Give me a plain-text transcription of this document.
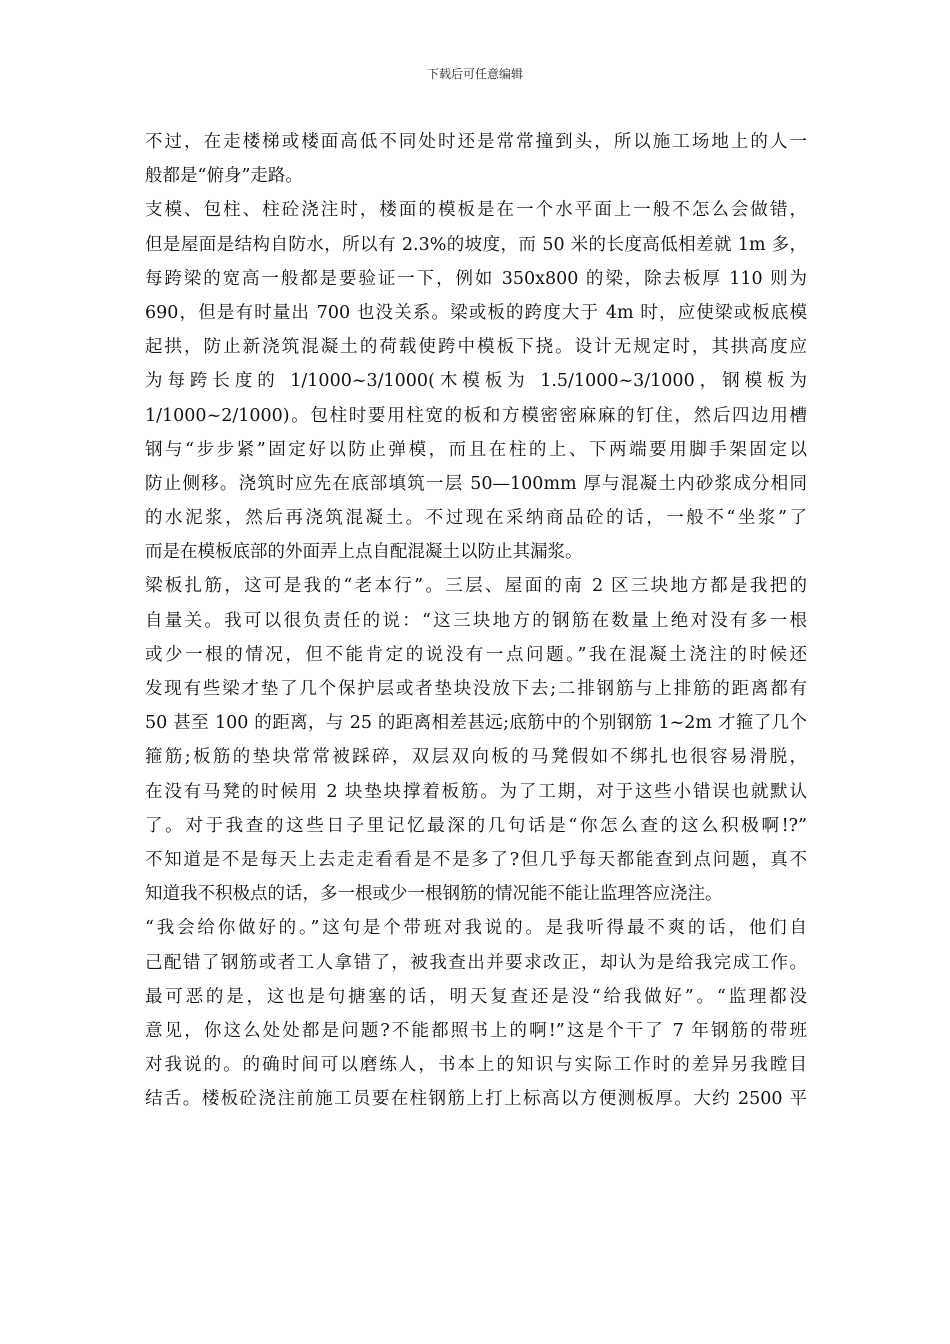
下载后可任意编辑
不过，在走楼梯或楼面高低不同处时还是常常撞到头，所以施工场地上的人一
般都是“俯身”走路。
支模、包柱、柱砼浇注时，楼面的模板是在一个水平面上一般不怎么会做错，
但是屋面是结构自防水，所以有 2.3%的坡度，而 50 米的长度高低相差就 1m 多，
每跨梁的宽高一般都是要验证一下，例如 350x800 的梁，除去板厚 110 则为
690，但是有时量出 700 也没关系。梁或板的跨度大于 4m 时，应使梁或板底模
起拱，防止新浇筑混凝土的荷载使跨中模板下挠。设计无规定时，其拱高度应
为每跨长度的 1/1000~3/1000(木模板为 1.5/1000~3/1000，钢模板为
1/1000~2/1000)。包柱时要用柱宽的板和方模密密麻麻的钉住，然后四边用槽
钢与“步步紧”固定好以防止弹模，而且在柱的上、下两端要用脚手架固定以
防止侧移。浇筑时应先在底部填筑一层 50—100mm 厚与混凝土内砂浆成分相同
的水泥浆，然后再浇筑混凝土。不过现在采纳商品砼的话，一般不“坐浆”了
而是在模板底部的外面弄上点自配混凝土以防止其漏浆。
梁板扎筋，这可是我的“老本行”。三层、屋面的南 2 区三块地方都是我把的
自量关。我可以很负责任的说：“这三块地方的钢筋在数量上绝对没有多一根
或少一根的情况，但不能肯定的说没有一点问题。”我在混凝土浇注的时候还
发现有些梁才垫了几个保护层或者垫块没放下去;二排钢筋与上排筋的距离都有
50 甚至 100 的距离，与 25 的距离相差甚远;底筋中的个别钢筋 1~2m 才箍了几个
箍筋;板筋的垫块常常被踩碎，双层双向板的马凳假如不绑扎也很容易滑脱，
在没有马凳的时候用 2 块垫块撑着板筋。为了工期，对于这些小错误也就默认
了。对于我查的这些日子里记忆最深的几句话是“你怎么查的这么积极啊!?”
不知道是不是每天上去走走看看是不是多了?但几乎每天都能查到点问题，真不
知道我不积极点的话，多一根或少一根钢筋的情况能不能让监理答应浇注。
“我会给你做好的。”这句是个带班对我说的。是我听得最不爽的话，他们自
己配错了钢筋或者工人拿错了，被我查出并要求改正，却认为是给我完成工作。
最可恶的是，这也是句搪塞的话，明天复查还是没“给我做好”。“监理都没
意见，你这么处处都是问题?不能都照书上的啊!”这是个干了 7 年钢筋的带班
对我说的。的确时间可以磨练人，书本上的知识与实际工作时的差异另我瞠目
结舌。楼板砼浇注前施工员要在柱钢筋上打上标高以方便测板厚。大约 2500 平
